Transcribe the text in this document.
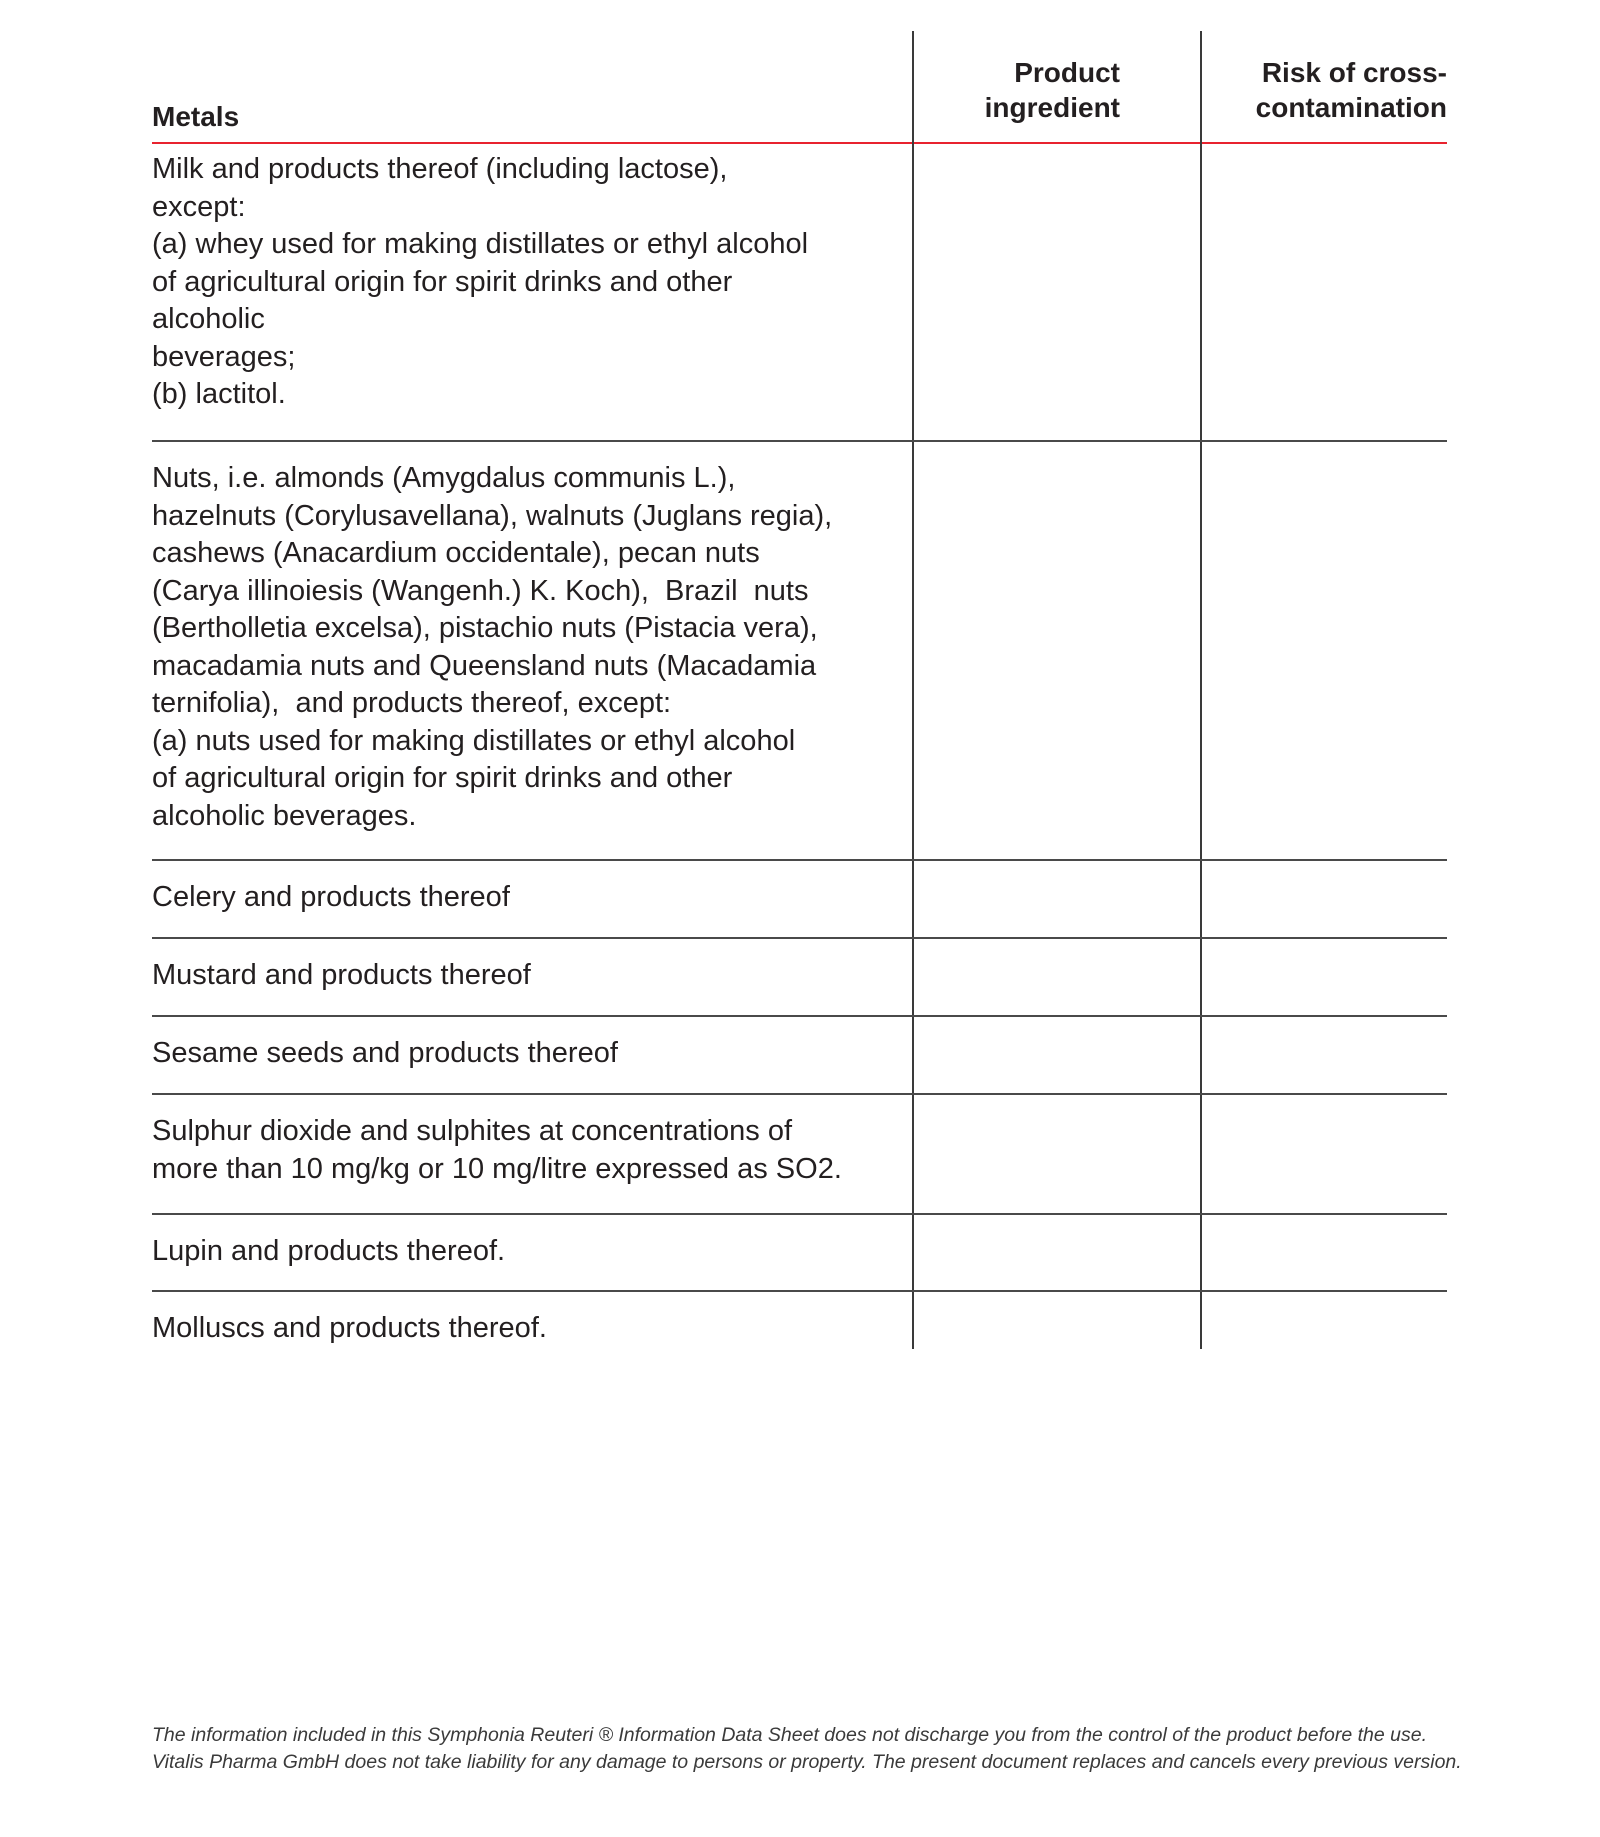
Metals
Product
ingredient
Risk of cross-
contamination
Milk and products thereof (including lactose),
except:
(a) whey used for making distillates or ethyl alcohol
of agricultural origin for spirit drinks and other
alcoholic
beverages;
(b) lactitol.
Nuts, i.e. almonds (Amygdalus communis L.),
hazelnuts (Corylusavellana), walnuts (Juglans regia),
cashews (Anacardium occidentale), pecan nuts
(Carya illinoiesis (Wangenh.) K. Koch),  Brazil  nuts
(Bertholletia excelsa), pistachio nuts (Pistacia vera),
macadamia nuts and Queensland nuts (Macadamia
ternifolia),  and products thereof, except:
(a) nuts used for making distillates or ethyl alcohol
of agricultural origin for spirit drinks and other
alcoholic beverages.
Celery and products thereof
Mustard and products thereof
Sesame seeds and products thereof
Sulphur dioxide and sulphites at concentrations of
more than 10 mg/kg or 10 mg/litre expressed as SO2.
Lupin and products thereof.
Molluscs and products thereof.
The information included in this Symphonia Reuteri ® Information Data Sheet does not discharge you from the control of the product before the use.
Vitalis Pharma GmbH does not take liability for any damage to persons or property. The present document replaces and cancels every previous version.
